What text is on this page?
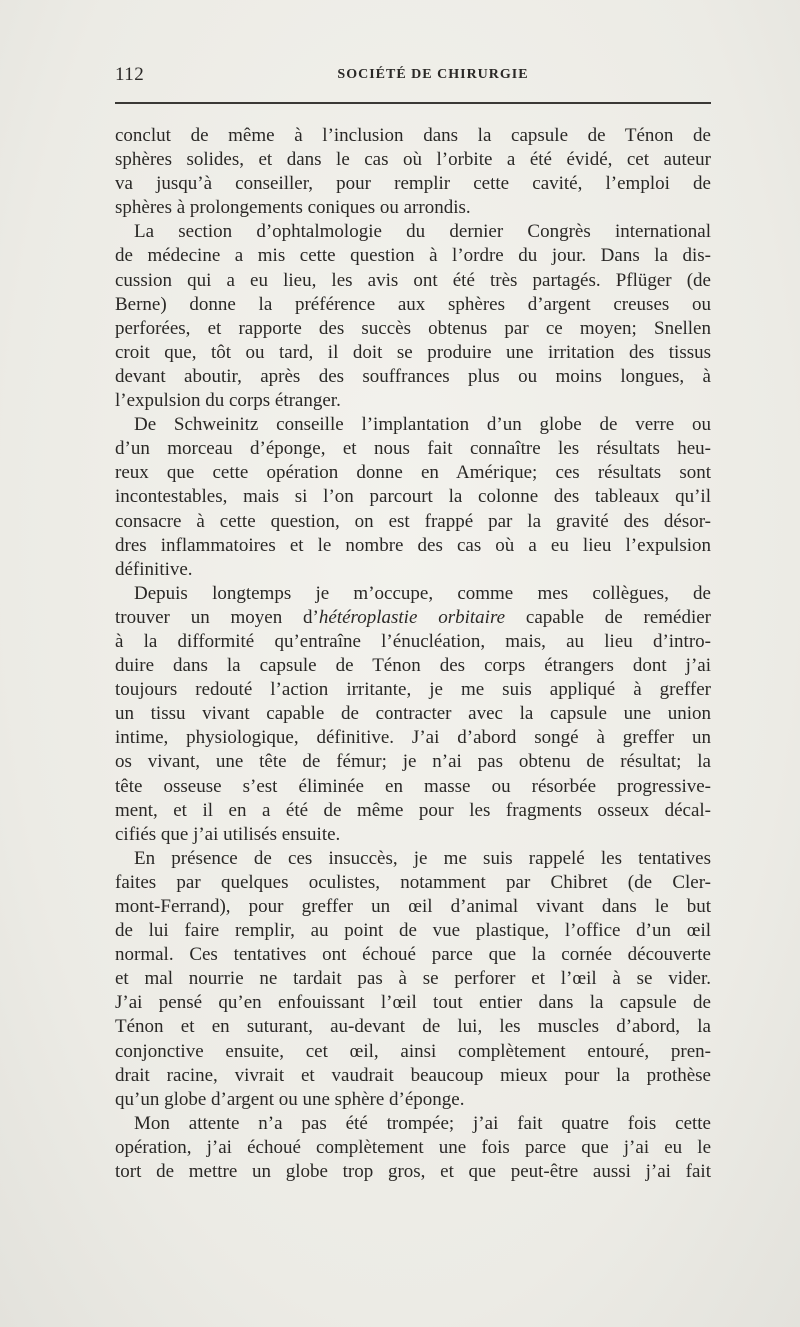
112	SOCIÉTÉ DE CHIRURGIE

conclut de même à l’inclusion dans la capsule de Ténon de
sphères solides, et dans le cas où l’orbite a été évidé, cet auteur
va jusqu’à conseiller, pour remplir cette cavité, l’emploi de
sphères à prolongements coniques ou arrondis.

La section d’ophtalmologie du dernier Congrès international
de médecine a mis cette question à l’ordre du jour. Dans la dis-
cussion qui a eu lieu, les avis ont été très partagés. Pflüger (de
Berne) donne la préférence aux sphères d’argent creuses ou
perforées, et rapporte des succès obtenus par ce moyen; Snellen
croit que, tôt ou tard, il doit se produire une irritation des tissus
devant aboutir, après des souffrances plus ou moins longues, à
l’expulsion du corps étranger.

De Schweinitz conseille l’implantation d’un globe de verre ou
d’un morceau d’éponge, et nous fait connaître les résultats heu-
reux que cette opération donne en Amérique; ces résultats sont
incontestables, mais si l’on parcourt la colonne des tableaux qu’il
consacre à cette question, on est frappé par la gravité des désor-
dres inflammatoires et le nombre des cas où a eu lieu l’expulsion
définitive.

Depuis longtemps je m’occupe, comme mes collègues, de
trouver un moyen d’hétéroplastie orbitaire capable de remédier
à la difformité qu’entraîne l’énucléation, mais, au lieu d’intro-
duire dans la capsule de Ténon des corps étrangers dont j’ai
toujours redouté l’action irritante, je me suis appliqué à greffer
un tissu vivant capable de contracter avec la capsule une union
intime, physiologique, définitive. J’ai d’abord songé à greffer un
os vivant, une tête de fémur; je n’ai pas obtenu de résultat; la
tête osseuse s’est éliminée en masse ou résorbée progressive-
ment, et il en a été de même pour les fragments osseux décal-
cifiés que j’ai utilisés ensuite.

En présence de ces insuccès, je me suis rappelé les tentatives
faites par quelques oculistes, notamment par Chibret (de Cler-
mont-Ferrand), pour greffer un œil d’animal vivant dans le but
de lui faire remplir, au point de vue plastique, l’office d’un œil
normal. Ces tentatives ont échoué parce que la cornée découverte
et mal nourrie ne tardait pas à se perforer et l’œil à se vider.
J’ai pensé qu’en enfouissant l’œil tout entier dans la capsule de
Ténon et en suturant, au-devant de lui, les muscles d’abord, la
conjonctive ensuite, cet œil, ainsi complètement entouré, pren-
drait racine, vivrait et vaudrait beaucoup mieux pour la prothèse
qu’un globe d’argent ou une sphère d’éponge.

Mon attente n’a pas été trompée; j’ai fait quatre fois cette
opération, j’ai échoué complètement une fois parce que j’ai eu le
tort de mettre un globe trop gros, et que peut-être aussi j’ai fait
